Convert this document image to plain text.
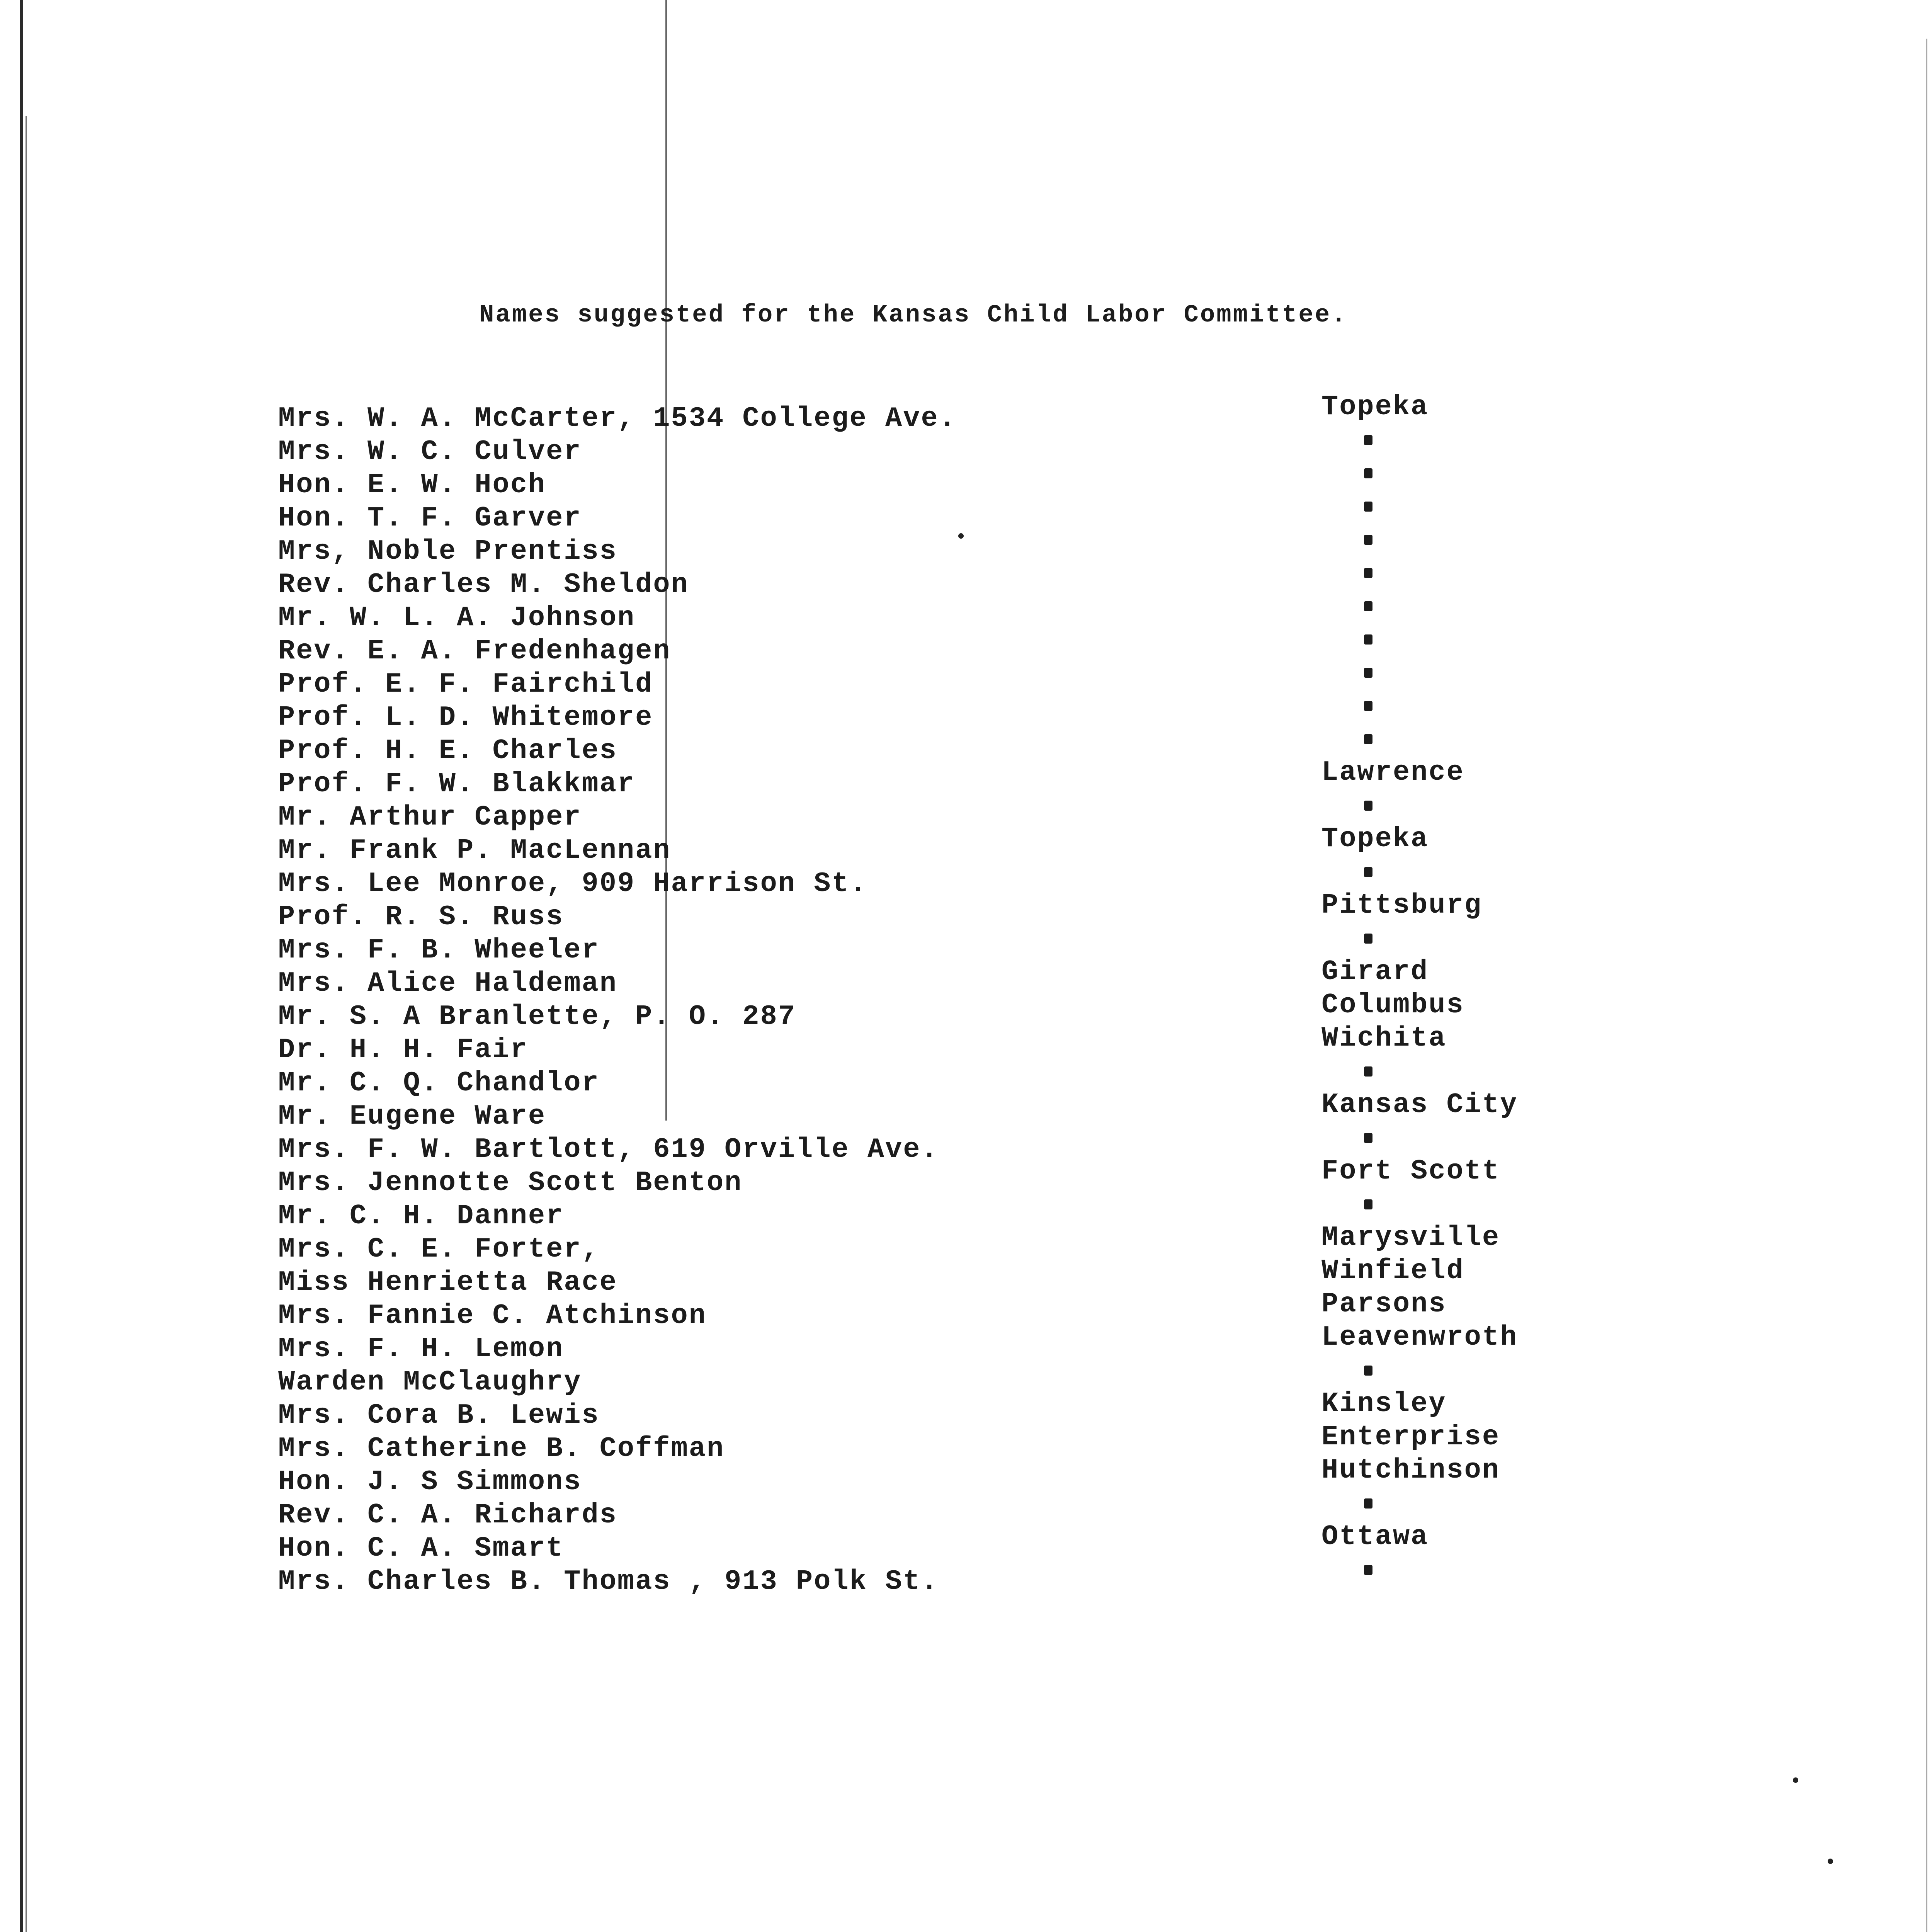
Names suggested for the Kansas Child Labor Committee.
Mrs. W. A. McCarter, 1534 College Ave.
Mrs. W. C. Culver
Hon. E. W. Hoch
Hon. T. F. Garver
Mrs, Noble Prentiss
Rev. Charles M. Sheldon
Mr. W. L. A. Johnson
Rev. E. A. Fredenhagen
Prof. E. F. Fairchild
Prof. L. D. Whitemore
Prof. H. E. Charles
Prof. F. W. Blakkmar
Mr. Arthur Capper
Mr. Frank P. MacLennan
Mrs. Lee Monroe, 909 Harrison St.
Prof. R. S. Russ
Mrs. F. B. Wheeler
Mrs. Alice Haldeman
Mr. S. A Branlette, P. O. 287
Dr. H. H. Fair
Mr. C. Q. Chandlor
Mr. Eugene Ware
Mrs. F. W. Bartlott, 619 Orville Ave.
Mrs. Jennotte Scott Benton
Mr. C. H. Danner
Mrs. C. E. Forter,
Miss Henrietta Race
Mrs. Fannie C. Atchinson
Mrs. F. H. Lemon
Warden McClaughry
Mrs. Cora B. Lewis
Mrs. Catherine B. Coffman
Hon. J. S Simmons
Rev. C. A. Richards
Hon. C. A. Smart
Mrs. Charles B. Thomas , 913 Polk St.
Topeka
Lawrence
Topeka
Pittsburg
Girard
Columbus
Wichita
Kansas City
Fort Scott
Marysville
Winfield
Parsons
Leavenwroth
Kinsley
Enterprise
Hutchinson
Ottawa
